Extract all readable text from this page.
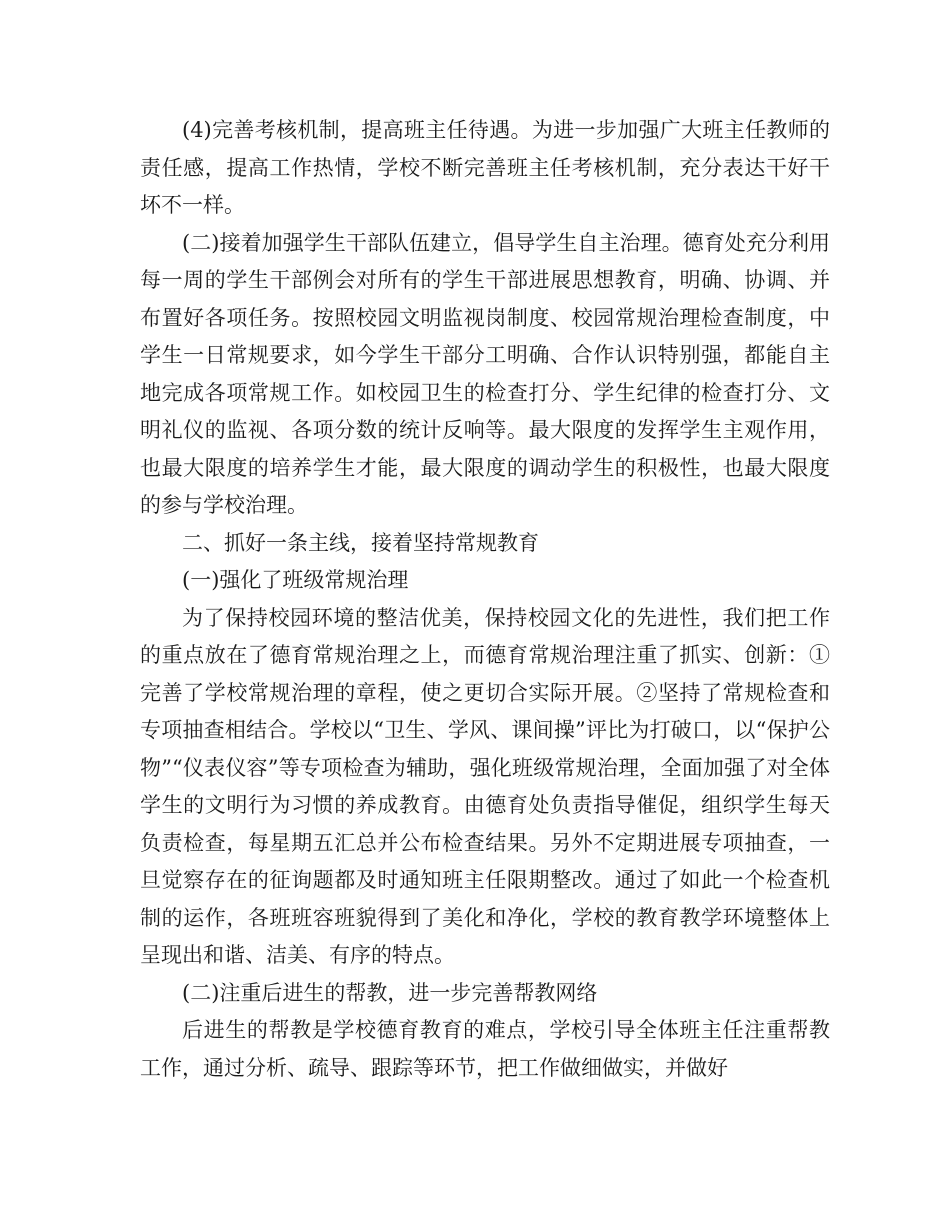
(4)完善考核机制，提高班主任待遇。为进一步加强广大班主任教师的责任感，提高工作热情，学校不断完善班主任考核机制，充分表达干好干坏不一样。

(二)接着加强学生干部队伍建立，倡导学生自主治理。德育处充分利用每一周的学生干部例会对所有的学生干部进展思想教育，明确、协调、并布置好各项任务。按照校园文明监视岗制度、校园常规治理检查制度，中学生一日常规要求，如今学生干部分工明确、合作认识特别强，都能自主地完成各项常规工作。如校园卫生的检查打分、学生纪律的检查打分、文明礼仪的监视、各项分数的统计反响等。最大限度的发挥学生主观作用，也最大限度的培养学生才能，最大限度的调动学生的积极性，也最大限度的参与学校治理。

二、抓好一条主线，接着坚持常规教育

(一)强化了班级常规治理

为了保持校园环境的整洁优美，保持校园文化的先进性，我们把工作的重点放在了德育常规治理之上，而德育常规治理注重了抓实、创新：①完善了学校常规治理的章程，使之更切合实际开展。②坚持了常规检查和专项抽查相结合。学校以“卫生、学风、课间操”评比为打破口，以“保护公物”“仪表仪容”等专项检查为辅助，强化班级常规治理，全面加强了对全体学生的文明行为习惯的养成教育。由德育处负责指导催促，组织学生每天负责检查，每星期五汇总并公布检查结果。另外不定期进展专项抽查，一旦觉察存在的征询题都及时通知班主任限期整改。通过了如此一个检查机制的运作，各班班容班貌得到了美化和净化，学校的教育教学环境整体上呈现出和谐、洁美、有序的特点。

(二)注重后进生的帮教，进一步完善帮教网络

后进生的帮教是学校德育教育的难点，学校引导全体班主任注重帮教工作，通过分析、疏导、跟踪等环节，把工作做细做实，并做好
